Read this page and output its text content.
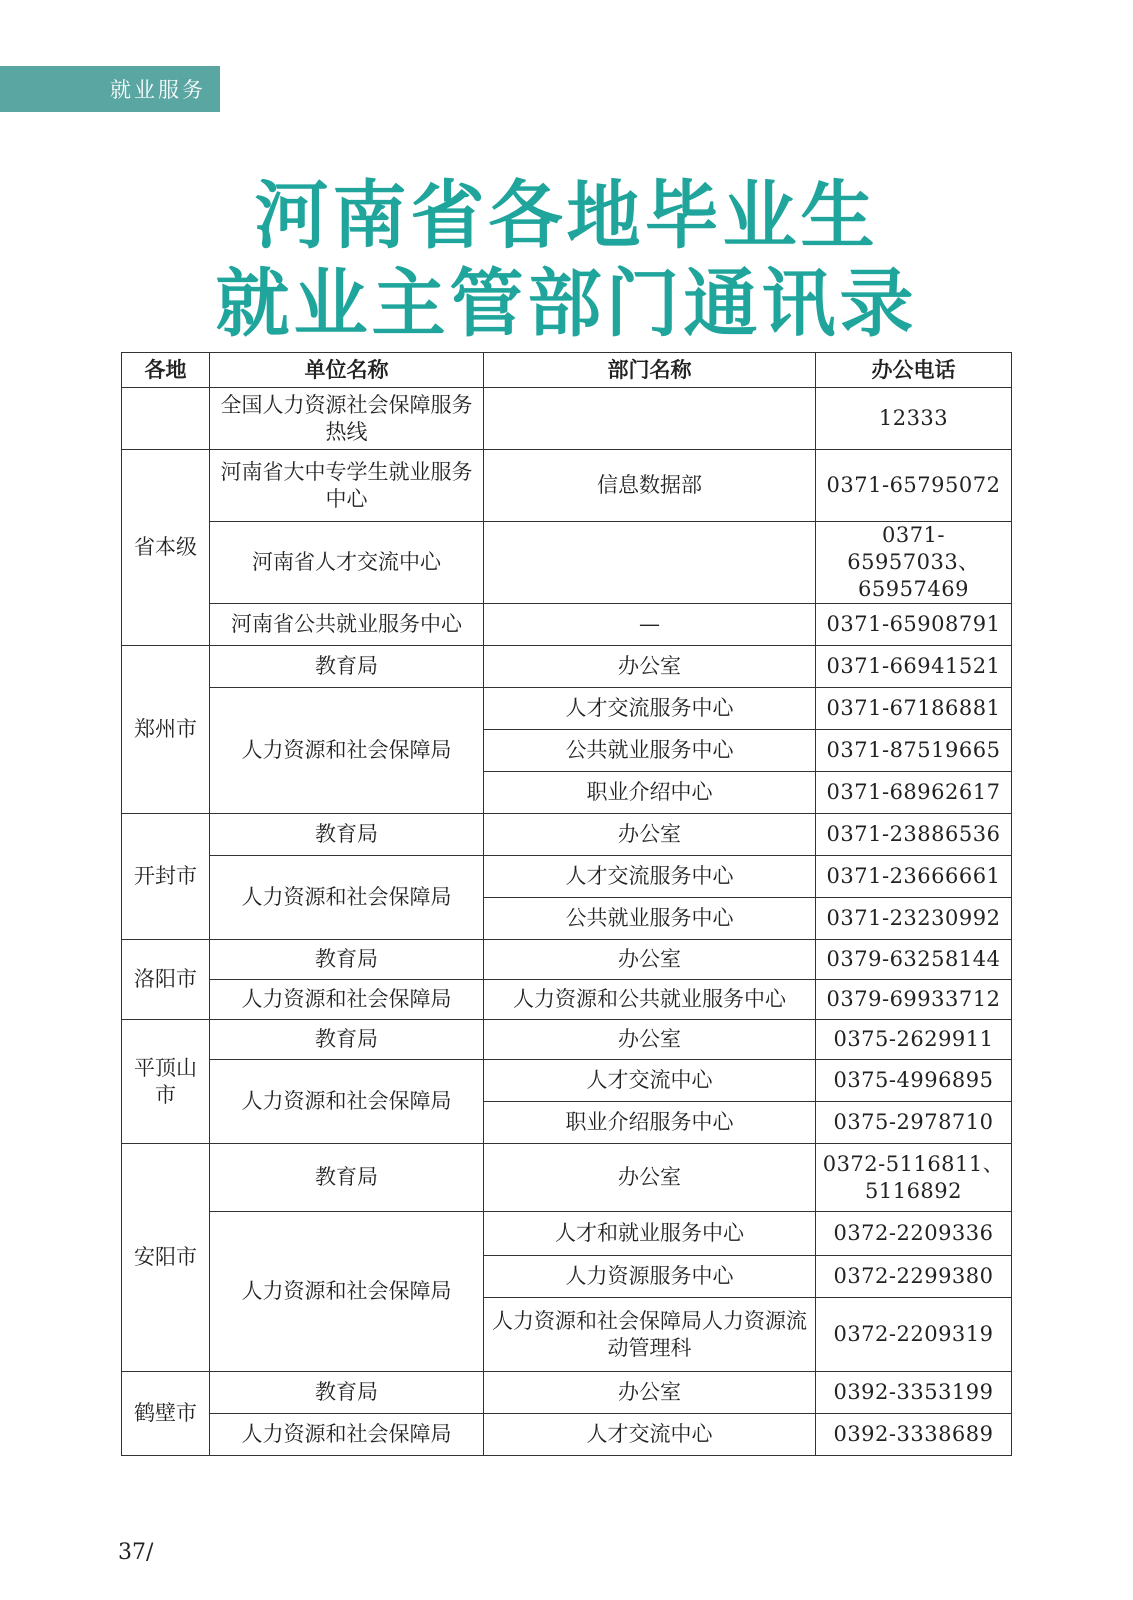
就业服务
河南省各地毕业生
就业主管部门通讯录
各地	单位名称	部门名称	办公电话
	全国人力资源社会保障服务热线		12333
省本级	河南省大中专学生就业服务中心	信息数据部	0371-65795072
	河南省人才交流中心		0371-65957033、65957469
	河南省公共就业服务中心	—	0371-65908791
郑州市	教育局	办公室	0371-66941521
	人力资源和社会保障局	人才交流服务中心	0371-67186881
		公共就业服务中心	0371-87519665
		职业介绍中心	0371-68962617
开封市	教育局	办公室	0371-23886536
	人力资源和社会保障局	人才交流服务中心	0371-23666661
		公共就业服务中心	0371-23230992
洛阳市	教育局	办公室	0379-63258144
	人力资源和社会保障局	人力资源和公共就业服务中心	0379-69933712
平顶山市	教育局	办公室	0375-2629911
	人力资源和社会保障局	人才交流中心	0375-4996895
		职业介绍服务中心	0375-2978710
安阳市	教育局	办公室	0372-5116811、5116892
	人力资源和社会保障局	人才和就业服务中心	0372-2209336
		人力资源服务中心	0372-2299380
		人力资源和社会保障局人力资源流动管理科	0372-2209319
鹤壁市	教育局	办公室	0392-3353199
	人力资源和社会保障局	人才交流中心	0392-3338689
37/
